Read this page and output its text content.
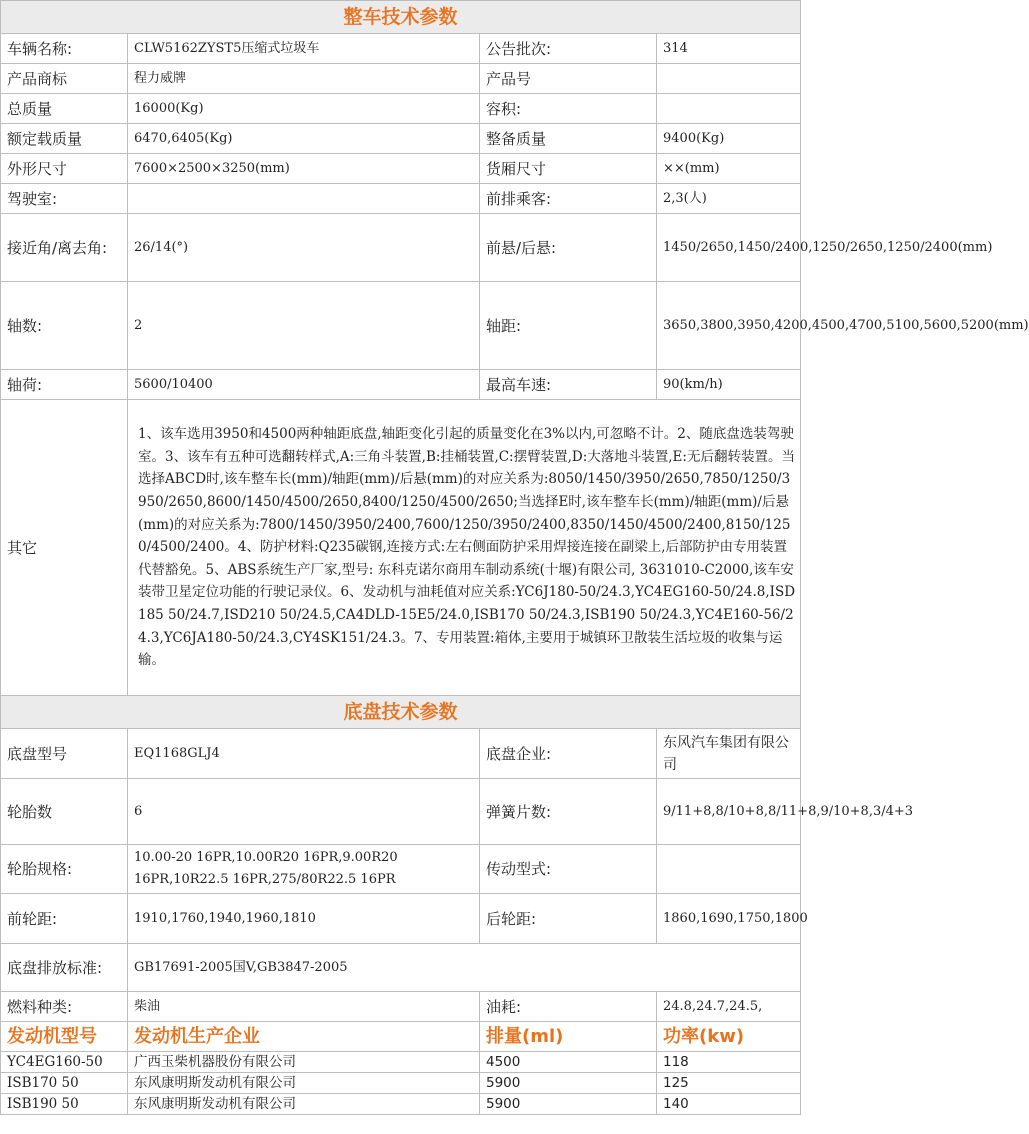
整车技术参数			
车辆名称:	CLW5162ZYST5压缩式垃圾车	公告批次:	314
产品商标	程力威牌	产品号	
总质量	16000(Kg)	容积:	
额定载质量	6470,6405(Kg)	整备质量	9400(Kg)
外形尺寸	7600×2500×3250(mm)	货厢尺寸	××(mm)
驾驶室:		前排乘客:	2,3(人)
接近角/离去角:	26/14(°)	前悬/后悬:	1450/2650,1450/2400,1250/2650,1250/2400(mm)
轴数:	2	轴距:	3650,3800,3950,4200,4500,4700,5100,5600,5200(mm)
轴荷:	5600/10400	最高车速:	90(km/h)
其它	1、该车选用3950和4500两种轴距底盘,轴距变化引起的质量变化在3%以内,可忽略不计。2、随底盘选装驾驶室。3、该车有五种可选翻转样式,A:三角斗装置,B:挂桶装置,C:摆臂装置,D:大落地斗装置,E:无后翻转装置。当选择ABCD时,该车整车长(mm)/轴距(mm)/后悬(mm)的对应关系为:8050/1450/3950/2650,7850/1250/3950/2650,8600/1450/4500/2650,8400/1250/4500/2650;当选择E时,该车整车长(mm)/轴距(mm)/后悬(mm)的对应关系为:7800/1450/3950/2400,7600/1250/3950/2400,8350/1450/4500/2400,8150/1250/4500/2400。4、防护材料:Q235碳钢,连接方式:左右侧面防护采用焊接连接在副梁上,后部防护由专用装置代替豁免。5、ABS系统生产厂家,型号: 东科克诺尔商用车制动系统(十堰)有限公司, 3631010-C2000,该车安装带卫星定位功能的行驶记录仪。6、发动机与油耗值对应关系:YC6J180-50/24.3,YC4EG160-50/24.8,ISD185 50/24.7,ISD210 50/24.5,CA4DLD-15E5/24.0,ISB170 50/24.3,ISB190 50/24.3,YC4E160-56/24.3,YC6JA180-50/24.3,CY4SK151/24.3。7、专用装置:箱体,主要用于城镇环卫散装生活垃圾的收集与运输。		
底盘技术参数			
底盘型号	EQ1168GLJ4	底盘企业:	东风汽车集团有限公司
轮胎数	6	弹簧片数:	9/11+8,8/10+8,8/11+8,9/10+8,3/4+3
轮胎规格:	10.00-20 16PR,10.00R20 16PR,9.00R20 16PR,10R22.5 16PR,275/80R22.5 16PR	传动型式:	
前轮距:	1910,1760,1940,1960,1810	后轮距:	1860,1690,1750,1800
底盘排放标准:	GB17691-2005国V,GB3847-2005		
燃料种类:	柴油	油耗:	24.8,24.7,24.5,
发动机型号	发动机生产企业	排量(ml)	功率(kw)
YC4EG160-50	广西玉柴机器股份有限公司	4500	118
ISB170 50	东风康明斯发动机有限公司	5900	125
ISB190 50	东风康明斯发动机有限公司	5900	140
